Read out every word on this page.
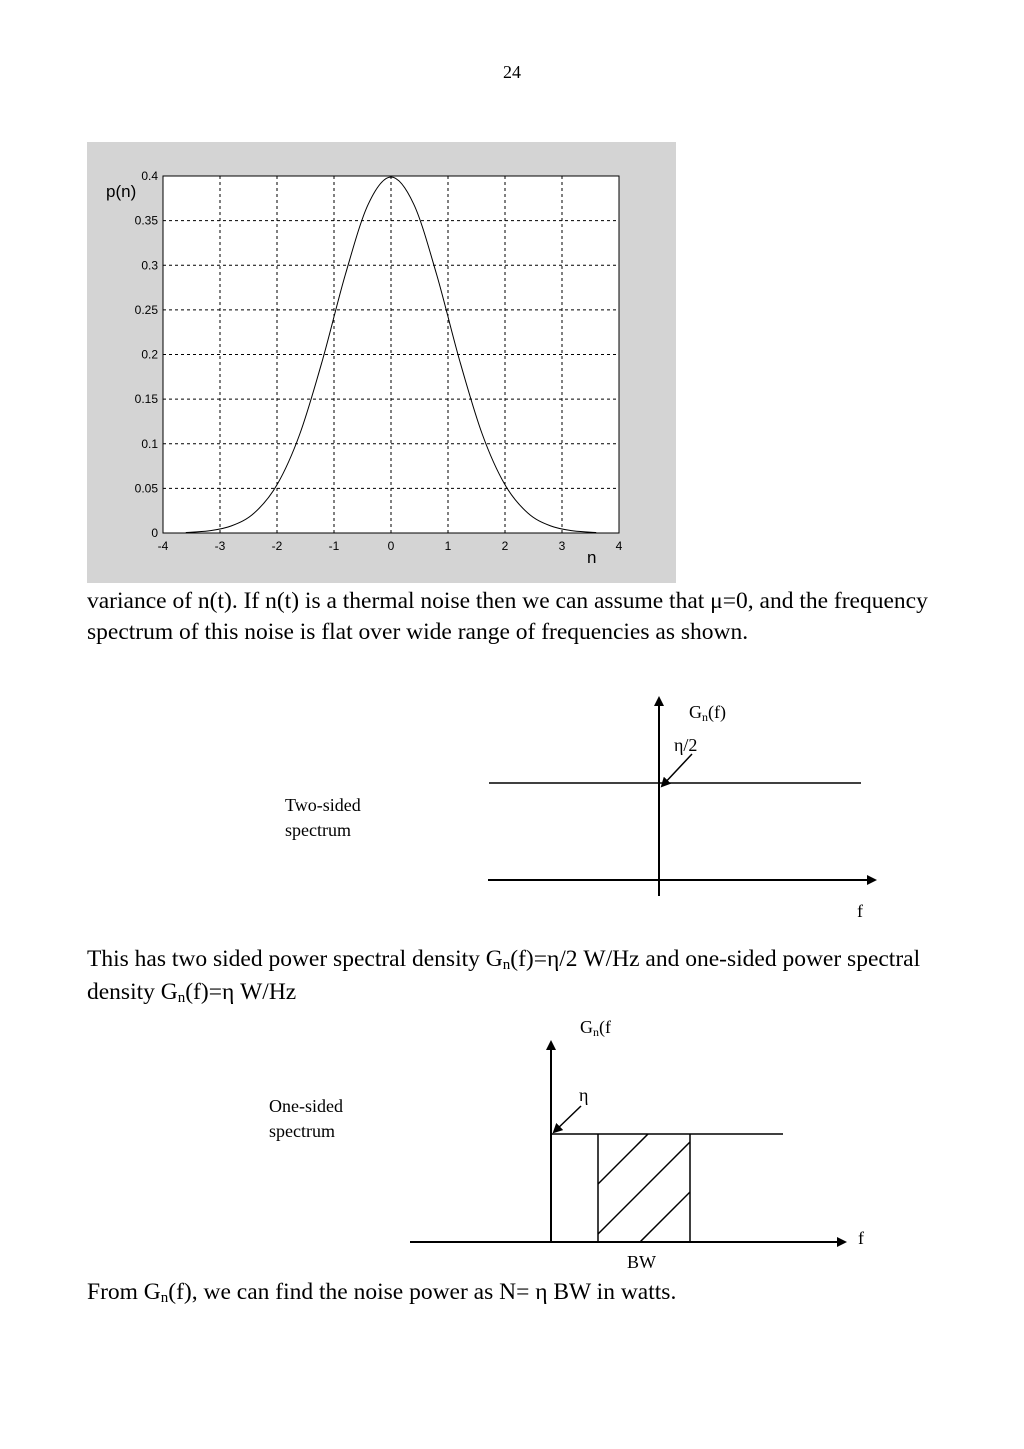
24
0
0.05
0.1
0.15
0.2
0.25
0.3
0.35
0.4
-4	-3	-2	-1	0	1	2	3	4
p(n)
n

variance of n(t). If n(t) is a thermal noise then we can assume that μ=0, and the frequency spectrum of this noise is flat over wide range of frequencies as shown.

Gn(f)
η/2
Two-sided
spectrum
f

This has two sided power spectral density $G_n(f)=\eta/2$ W/Hz and one-sided power spectral density $G_n(f)=\eta$ W/Hz

Gn(f
η
One-sided
spectrum
f
BW

From $G_n(f)$, we can find the noise power as N= η BW in watts.
